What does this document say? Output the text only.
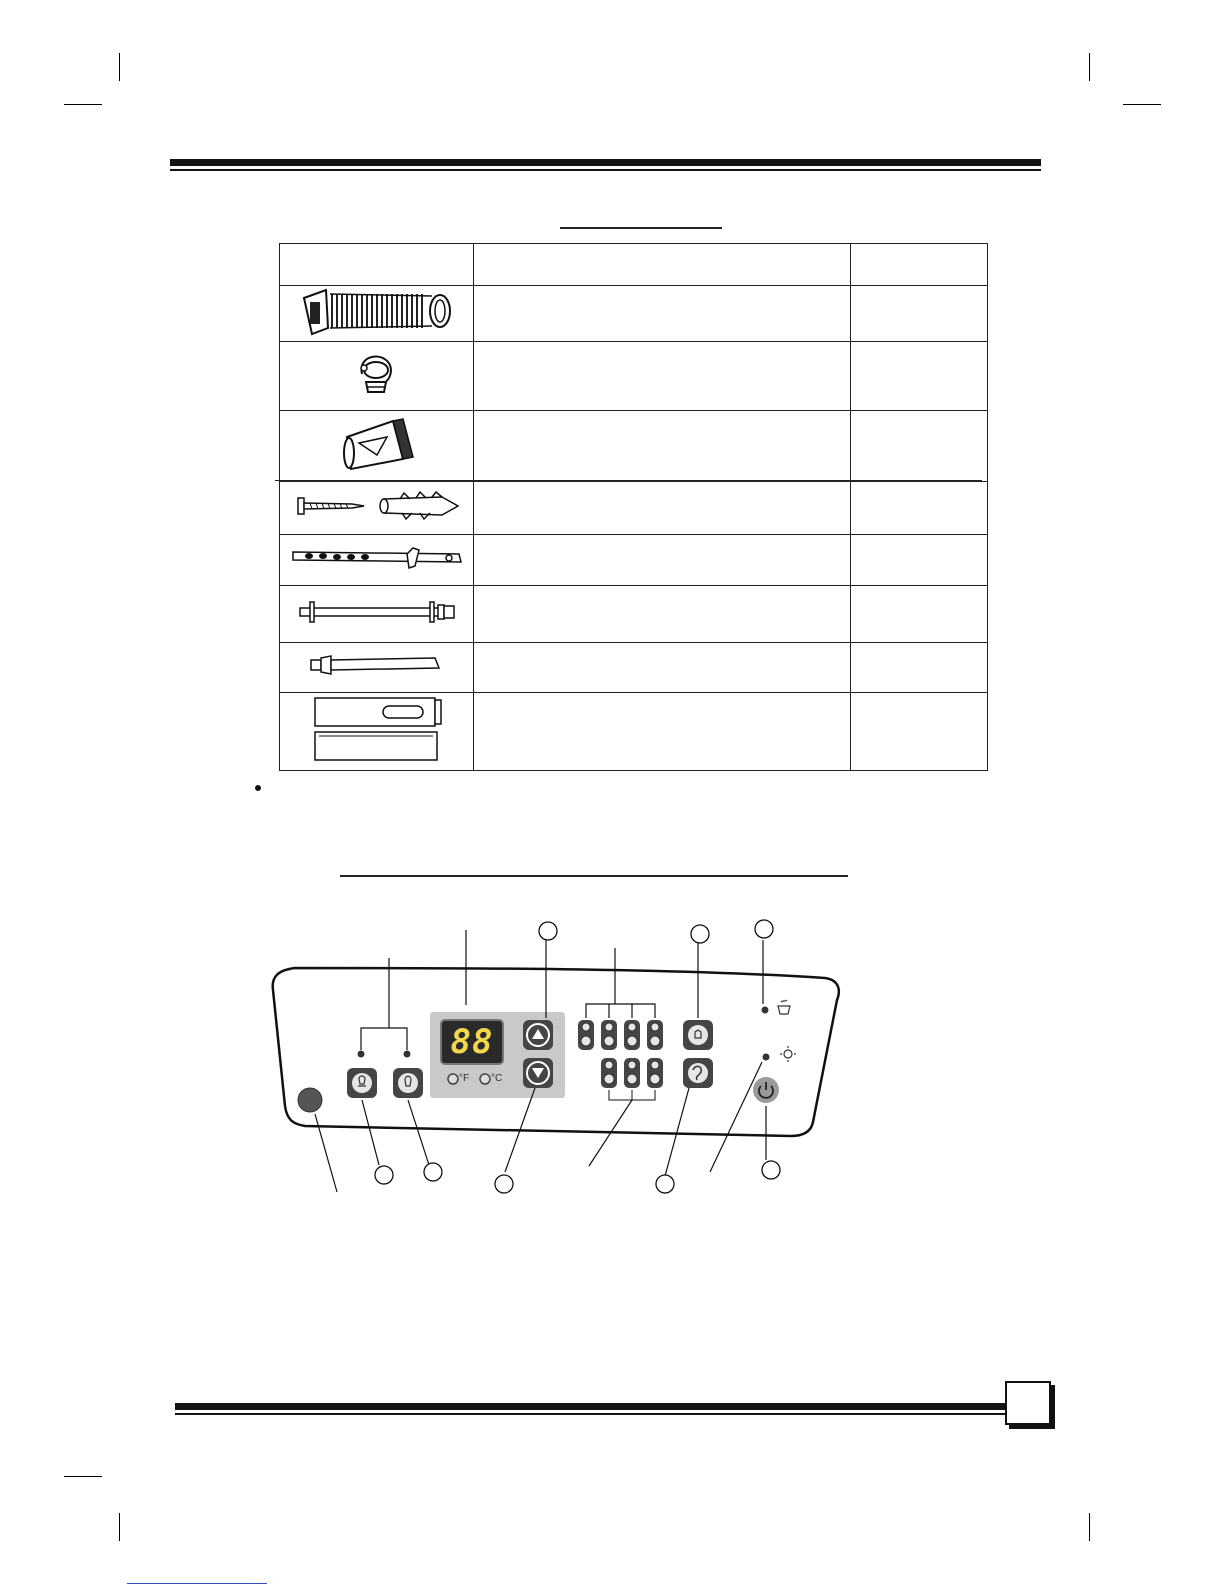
88
°F °C
